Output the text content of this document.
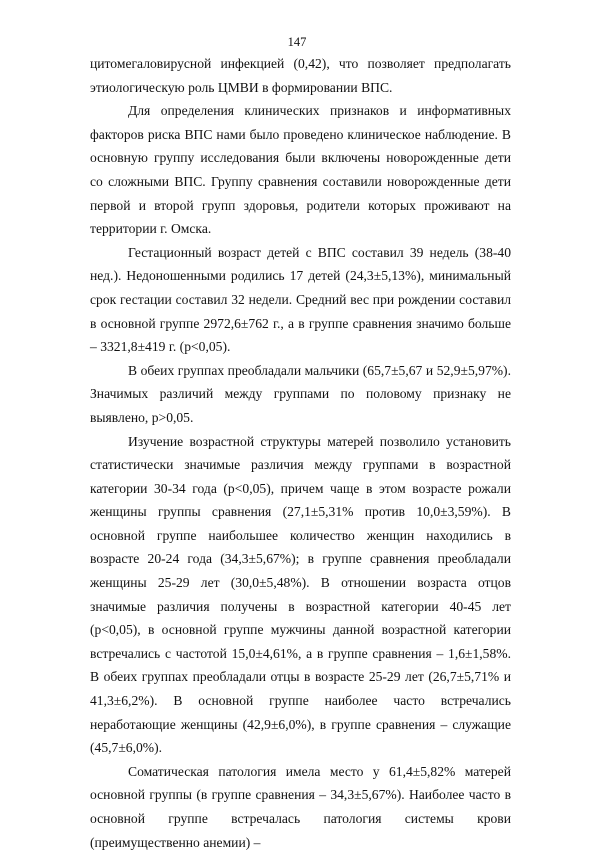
147

цитомегаловирусной инфекцией (0,42), что позволяет предполагать этиологическую роль ЦМВИ в формировании ВПС.

Для определения клинических признаков и информативных факторов риска ВПС нами было проведено клиническое наблюдение. В основную группу исследования были включены новорожденные дети со сложными ВПС. Группу сравнения составили новорожденные дети первой и второй групп здоровья, родители которых проживают на территории г. Омска.

Гестационный возраст детей с ВПС составил 39 недель (38-40 нед.). Недоношенными родились 17 детей (24,3±5,13%), минимальный срок гестации составил 32 недели. Средний вес при рождении составил в основной группе 2972,6±762 г., а в группе сравнения значимо больше – 3321,8±419 г. (p<0,05).

В обеих группах преобладали мальчики (65,7±5,67 и 52,9±5,97%). Значимых различий между группами по половому признаку не выявлено, p>0,05.

Изучение возрастной структуры матерей позволило установить статистически значимые различия между группами в возрастной категории 30-34 года (p<0,05), причем чаще в этом возрасте рожали женщины группы сравнения (27,1±5,31% против 10,0±3,59%). В основной группе наибольшее количество женщин находились в возрасте 20-24 года (34,3±5,67%); в группе сравнения преобладали женщины 25-29 лет (30,0±5,48%). В отношении возраста отцов значимые различия получены в возрастной категории 40-45 лет (p<0,05), в основной группе мужчины данной возрастной категории встречались с частотой 15,0±4,61%, а в группе сравнения – 1,6±1,58%. В обеих группах преобладали отцы в возрасте 25-29 лет (26,7±5,71% и 41,3±6,2%). В основной группе наиболее часто встречались неработающие женщины (42,9±6,0%), в группе сравнения – служащие (45,7±6,0%).

Соматическая патология имела место у 61,4±5,82% матерей основной группы (в группе сравнения – 34,3±5,67%). Наиболее часто в основной группе встречалась патология системы крови (преимущественно анемии) –
